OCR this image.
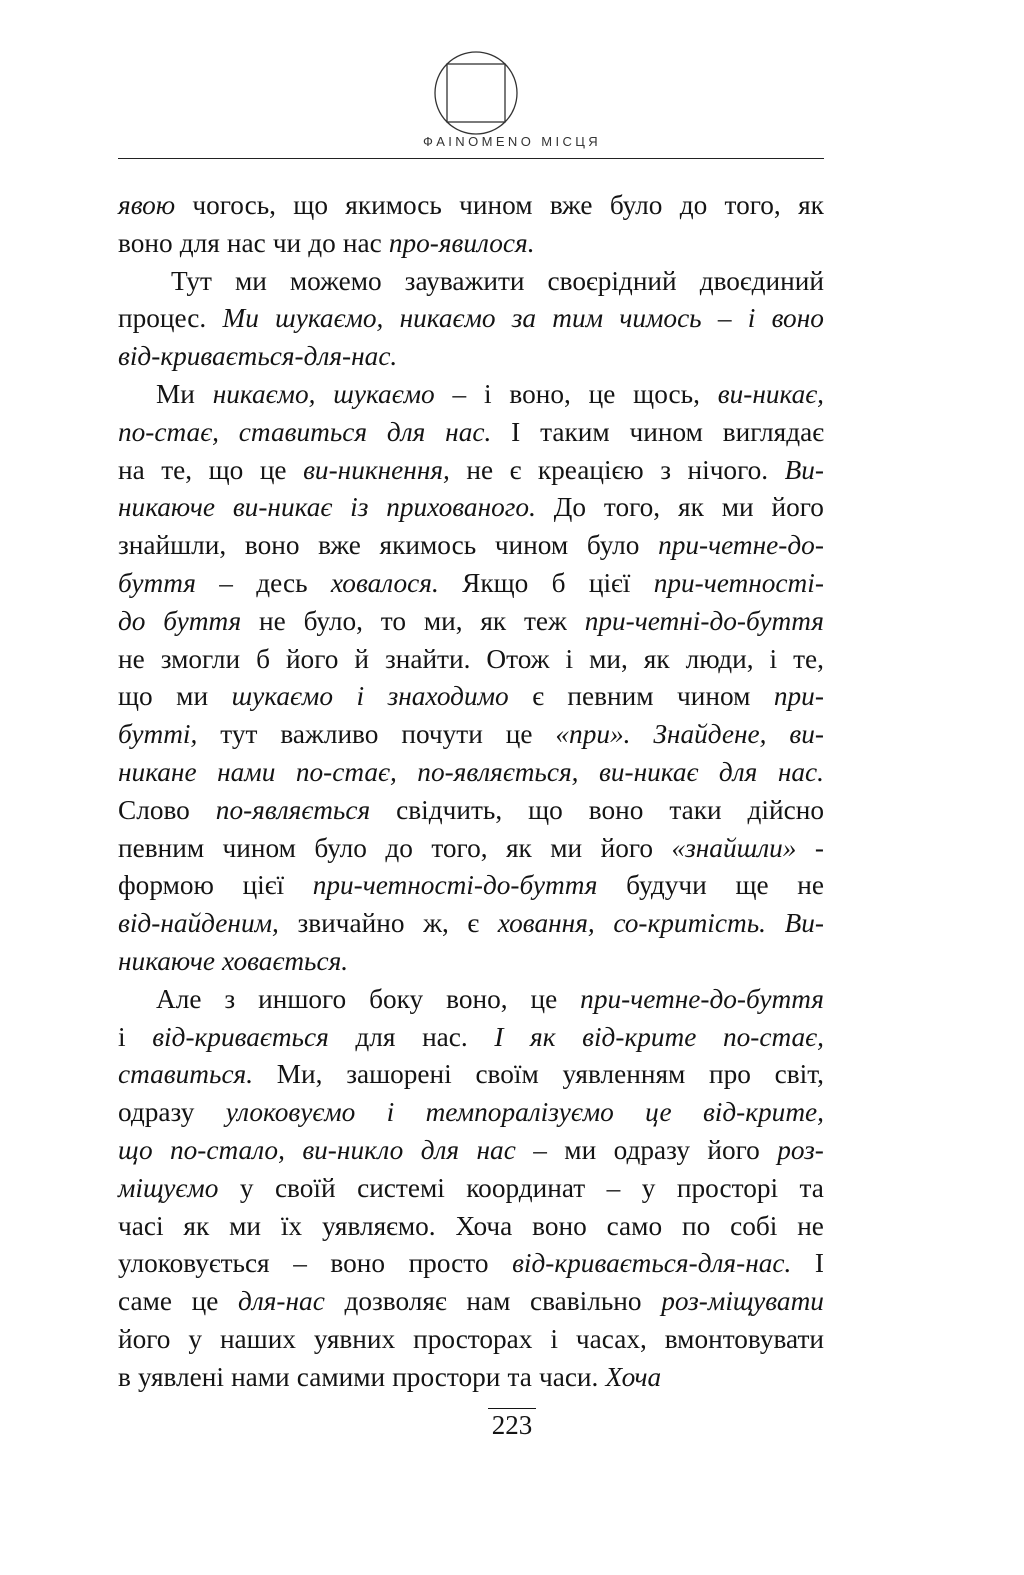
ФAINOMENO МІСЦЯ
явою чогось, що якимось чином вже було до того, як
воно для нас чи до нас про-явилося.
Тут ми можемо зауважити своєрідний двоєдиний
процес. Ми шукаємо, никаємо за тим чимось – і воно
від-кривається-для-нас.
Ми никаємо, шукаємо – і воно, це щось, ви-никає,
по-стає, ставиться для нас. І таким чином виглядає
на те, що це ви-никнення, не є креацією з нічого. Ви-
никаюче ви-никає із прихованого. До того, як ми його
знайшли, воно вже якимось чином було при-четне-до-
буття – десь ховалося. Якщо б цієї при-четності-
до буття не було, то ми, як теж при-четні-до-буття
не змогли б його й знайти. Отож і ми, як люди, і те,
що ми шукаємо і знаходимо є певним чином при-
бутті, тут важливо почути це «при». Знайдене, ви-
никане нами по-стає, по-являється, ви-никає для нас.
Слово по-являється свідчить, що воно таки дійсно
певним чином було до того, як ми його «знайшли» -
формою цієї при-четності-до-буття будучи ще не
від-найденим, звичайно ж, є ховання, со-критість. Ви-
никаюче ховається.
Але з иншого боку воно, це при-четне-до-буття
і від-кривається для нас. І як від-крите по-стає,
ставиться. Ми, зашорені своїм уявленням про світ,
одразу улоковуємо і темпоралізуємо це від-крите,
що по-стало, ви-никло для нас – ми одразу його роз-
міщуємо у своїй системі координат – у просторі та
часі як ми їх уявляємо. Хоча воно само по собі не
улоковується – воно просто від-кривається-для-нас. І
саме це для-нас дозволяє нам свавільно роз-міщувати
його у наших уявних просторах і часах, вмонтовувати
в уявлені нами самими простори та часи. Хоча
223
